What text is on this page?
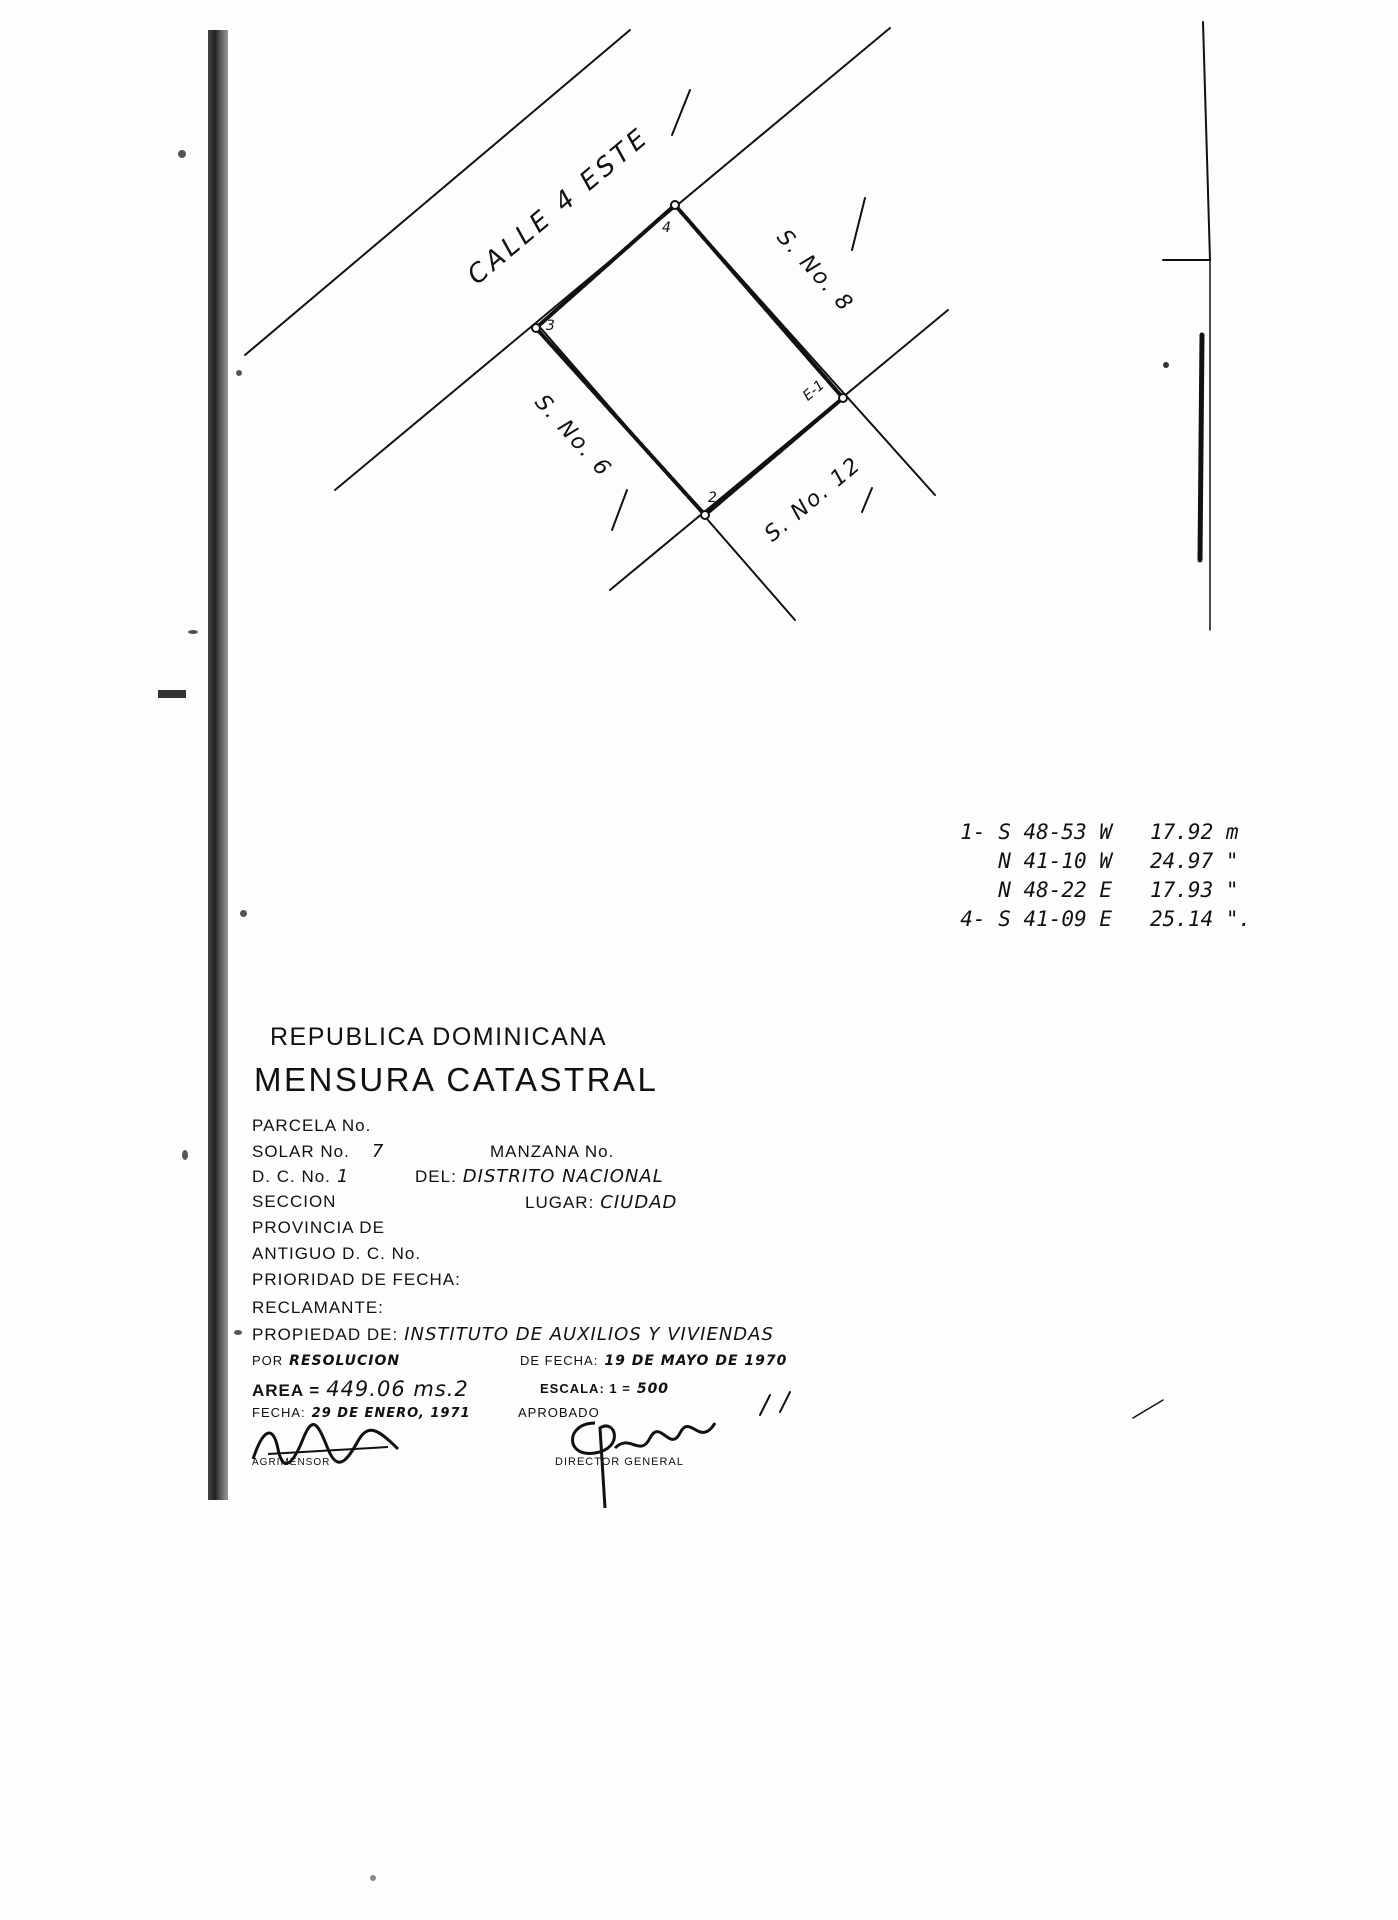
CALLE 4 ESTE	S. No. 8
S. No. 6
S. No. 12
4
E-1
2
3
1- S 48-53 W	17.92 m
N 41-10 W	24.97 "
N 48-22 E	17.93 "
4- S 41-09 E	25.14 ".
REPUBLICA DOMINICANA
MENSURA CATASTRAL
PARCELA No.
SOLAR No. 7	MANZANA No.
D. C. No. 1	DEL: DISTRITO NACIONAL
SECCION	LUGAR: CIUDAD
PROVINCIA DE
ANTIGUO D. C. No.
PRIORIDAD DE FECHA:
RECLAMANTE:
PROPIEDAD DE: INSTITUTO DE AUXILIOS Y VIVIENDAS
POR RESOLUCION	DE FECHA: 19 DE MAYO DE 1970
AREA = 449.06 ms.2	ESCALA: 1 = 500
FECHA: 29 DE ENERO, 1971	APROBADO
AGRIMENSOR	DIRECTOR GENERAL
